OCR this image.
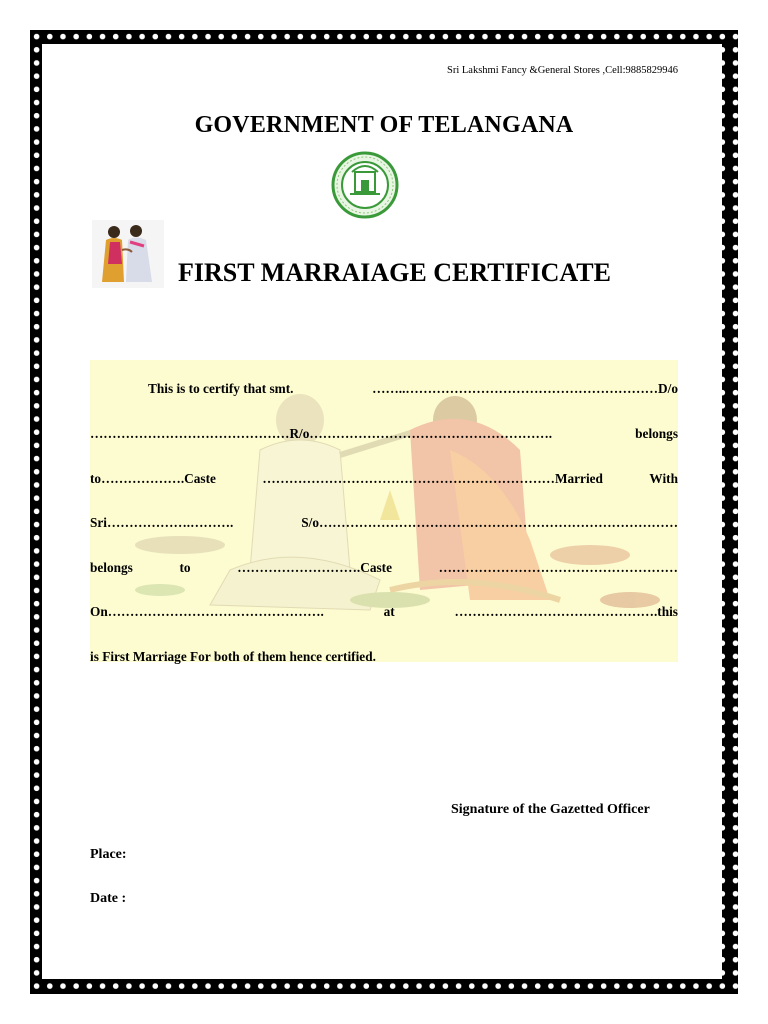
Sri Lakshmi Fancy &General Stores ,Cell:9885829946
GOVERNMENT OF TELANGANA
FIRST MARRAIAGE CERTIFICATE
This is to certify that smt.	……..…………………………………………………D/o
………………………………………R/o……………………………………………….	belongs
to……………….Caste	…………………………………………………………Married	With
Sri……………….……….	S/o………………………………………………………………………
belongs	to	……………………….Caste	………………………………………………
On………………………………………….	at	……………………………………….this
is First Marriage For both of them hence certified.
Signature of the Gazetted Officer
Place:
Date :
